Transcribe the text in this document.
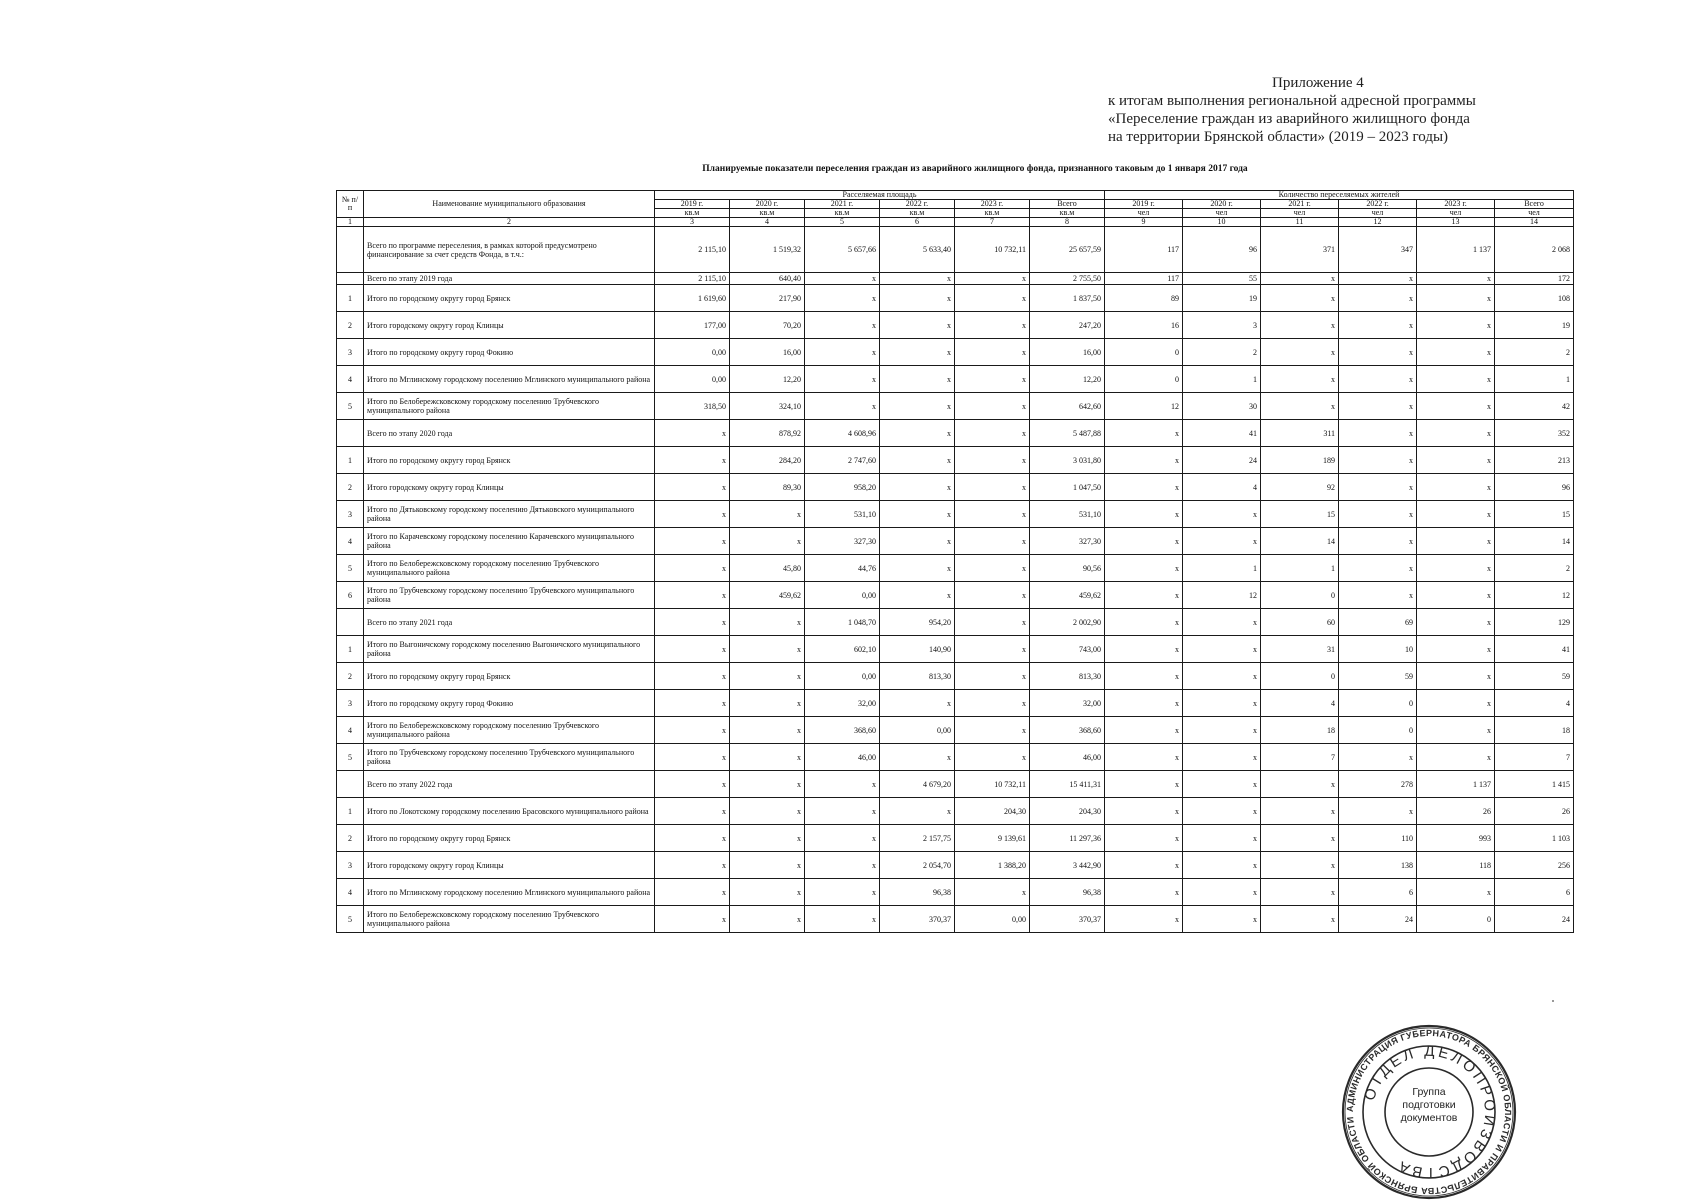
Приложение 4
к итогам выполнения региональной адресной программы
«Переселение граждан из аварийного жилищного фонда
на территории Брянской области» (2019 – 2023 годы)
Планируемые показатели переселения граждан из аварийного жилищного фонда, признанного таковым до 1 января 2017 года
№ п/п	Наименование муниципального образования	Расселяемая площадь						Количество переселяемых жителей					
		2019 г.	2020 г.	2021 г.	2022 г.	2023 г.	Всего	2019 г.	2020 г.	2021 г.	2022 г.	2023 г.	Всего
		кв.м	кв.м	кв.м	кв.м	кв.м	кв.м	чел	чел	чел	чел	чел	чел
1	2	3	4	5	6	7	8	9	10	11	12	13	14
	Всего по программе переселения, в рамках которой предусмотрено финансирование за счет средств Фонда, в т.ч.:	2 115,10	1 519,32	5 657,66	5 633,40	10 732,11	25 657,59	117	96	371	347	1 137	2 068
	Всего по этапу 2019 года	2 115,10	640,40	x	x	x	2 755,50	117	55	x	x	x	172
1	Итого по городскому округу город Брянск	1 619,60	217,90	x	x	x	1 837,50	89	19	x	x	x	108
2	Итого городскому округу город Клинцы	177,00	70,20	x	x	x	247,20	16	3	x	x	x	19
3	Итого по городскому округу город Фокино	0,00	16,00	x	x	x	16,00	0	2	x	x	x	2
4	Итого по Мглинскому городскому поселению Мглинского муниципального района	0,00	12,20	x	x	x	12,20	0	1	x	x	x	1
5	Итого по Белобережсковскому городскому поселению Трубчевского муниципального района	318,50	324,10	x	x	x	642,60	12	30	x	x	x	42
	Всего по этапу 2020 года	x	878,92	4 608,96	x	x	5 487,88	x	41	311	x	x	352
1	Итого по городскому округу город Брянск	x	284,20	2 747,60	x	x	3 031,80	x	24	189	x	x	213
2	Итого городскому округу город Клинцы	x	89,30	958,20	x	x	1 047,50	x	4	92	x	x	96
3	Итого по Дятьковскому городскому поселению Дятьковского муниципального района	x	x	531,10	x	x	531,10	x	x	15	x	x	15
4	Итого по Карачевскому городскому поселению Карачевского муниципального района	x	x	327,30	x	x	327,30	x	x	14	x	x	14
5	Итого по Белобережсковскому городскому поселению Трубчевского муниципального района	x	45,80	44,76	x	x	90,56	x	1	1	x	x	2
6	Итого по Трубчевскому городскому поселению Трубчевского муниципального района	x	459,62	0,00	x	x	459,62	x	12	0	x	x	12
	Всего по этапу 2021 года	x	x	1 048,70	954,20	x	2 002,90	x	x	60	69	x	129
1	Итого по Выгоничскому городскому поселению Выгоничского муниципального района	x	x	602,10	140,90	x	743,00	x	x	31	10	x	41
2	Итого по городскому округу город Брянск	x	x	0,00	813,30	x	813,30	x	x	0	59	x	59
3	Итого по городскому округу город Фокино	x	x	32,00	x	x	32,00	x	x	4	0	x	4
4	Итого по Белобережсковскому городскому поселению Трубчевского муниципального района	x	x	368,60	0,00	x	368,60	x	x	18	0	x	18
5	Итого по Трубчевскому городскому поселению Трубчевского муниципального района	x	x	46,00	x	x	46,00	x	x	7	x	x	7
	Всего по этапу 2022 года	x	x	x	4 679,20	10 732,11	15 411,31	x	x	x	278	1 137	1 415
1	Итого по Локотскому городскому поселению Брасовского муниципального района	x	x	x	x	204,30	204,30	x	x	x	x	26	26
2	Итого по городскому округу город Брянск	x	x	x	2 157,75	9 139,61	11 297,36	x	x	x	110	993	1 103
3	Итого городскому округу город Клинцы	x	x	x	2 054,70	1 388,20	3 442,90	x	x	x	138	118	256
4	Итого по Мглинскому городскому поселению Мглинского муниципального района	x	x	x	96,38	x	96,38	x	x	x	6	x	6
5	Итого по Белобережсковскому городскому поселению Трубчевского муниципального района	x	x	x	370,37	0,00	370,37	x	x	x	24	0	24
АДМИНИСТРАЦИЯ ГУБЕРНАТОРА БРЯНСКОЙ ОБЛАСТИ И ПРАВИТЕЛЬСТВА БРЯНСКОЙ ОБЛАСТИ
ОТДЕЛ ДЕЛОПРОИЗВОДСТВА
Группа
подготовки
документов
